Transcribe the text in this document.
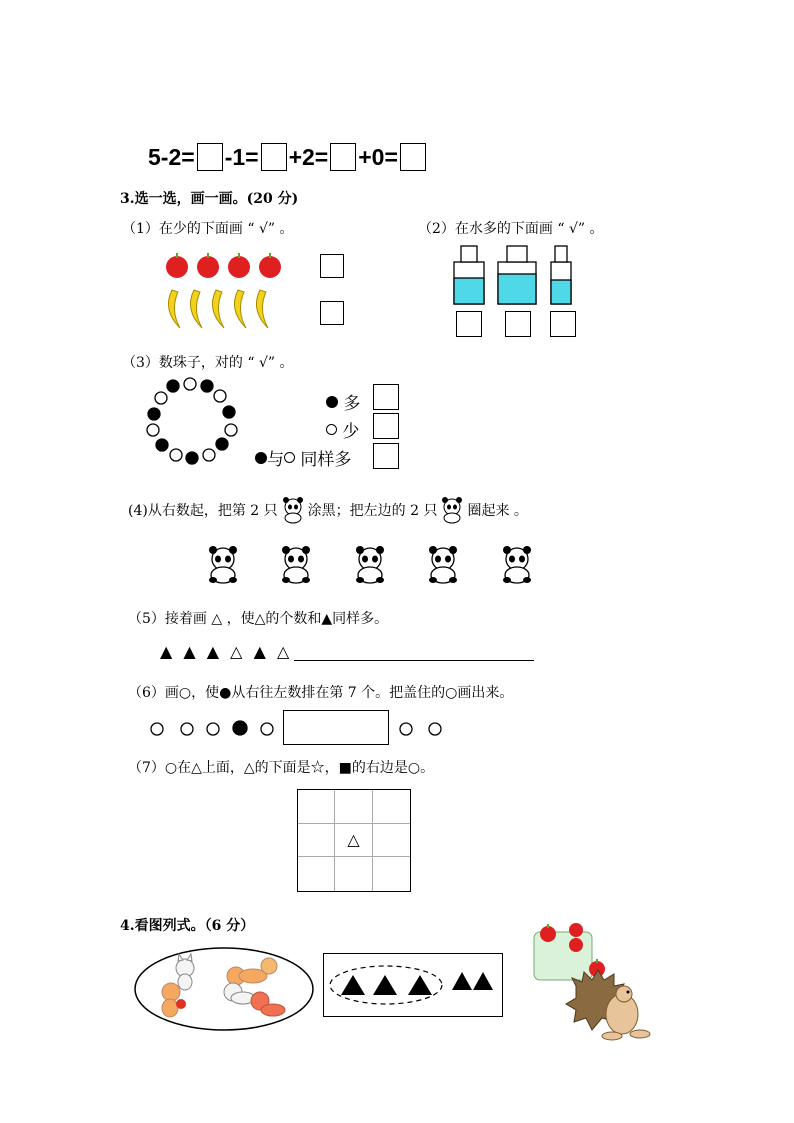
5-2= -1= +2= +0=
3.选一选，画一画。(20 分)
（1）在少的下面画 “ √” 。	（2）在水多的下面画 “ √” 。
（3）数珠子，对的 “ √” 。

多

少
与
同样多
(4)从右数起，把第 2 只 涂黑；把左边的 2 只 圈起来 。
（5）接着画 △ ，使△的个数和▲同样多。
▲ ▲ ▲ △ ▲ △
（6）画○，使●从右往左数排在第 7 个。把盖住的○画出来。
（7）○在△上面，△的下面是☆，■的右边是○。
△
4.看图列式。（6 分）
